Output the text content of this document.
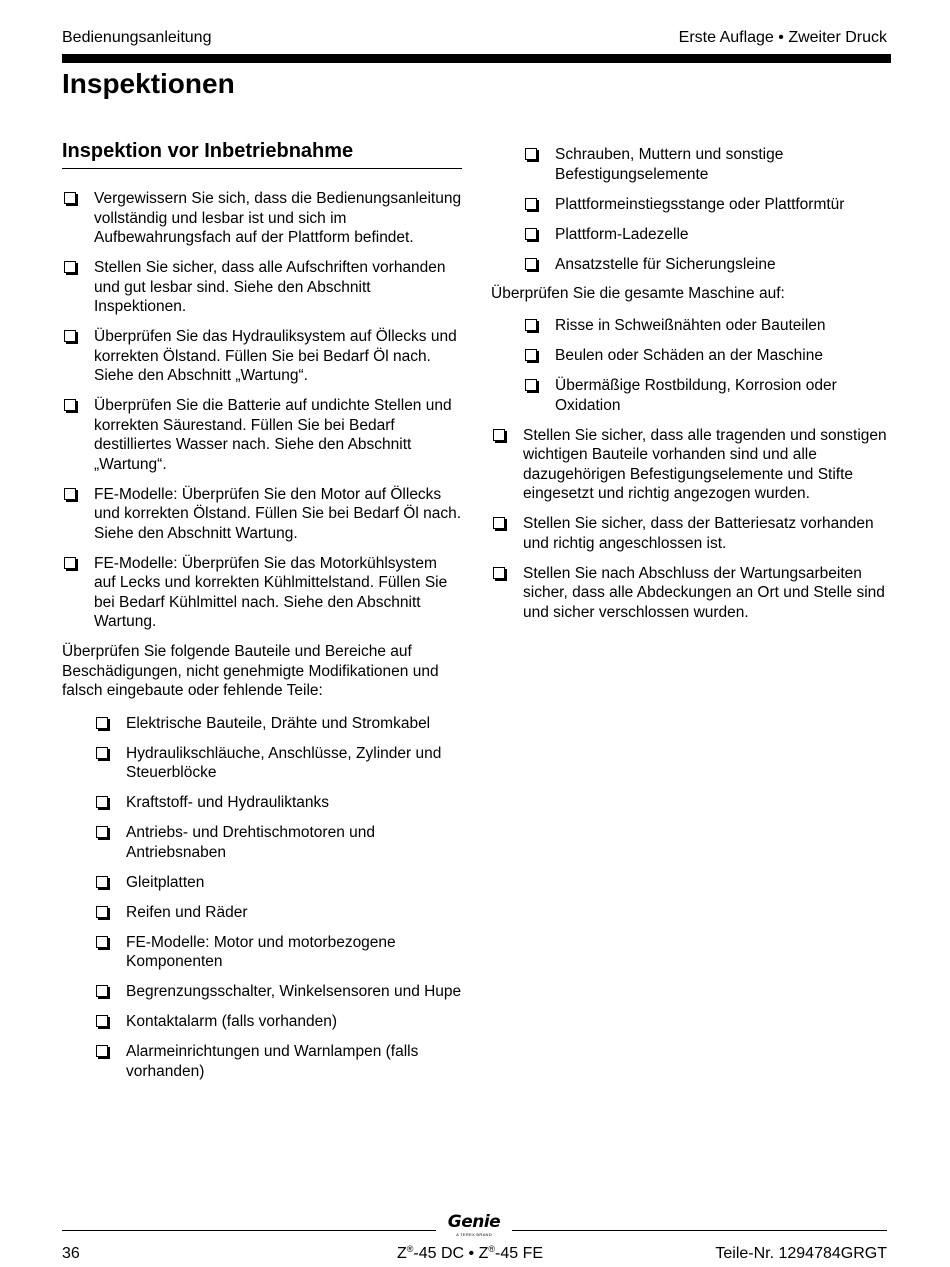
Bedienungsanleitung	Erste Auflage • Zweiter Druck
Inspektionen
Inspektion vor Inbetriebnahme
Vergewissern Sie sich, dass die Bedienungsanleitung vollständig und lesbar ist und sich im Aufbewahrungsfach auf der Plattform befindet.
Stellen Sie sicher, dass alle Aufschriften vorhanden und gut lesbar sind. Siehe den Abschnitt Inspektionen.
Überprüfen Sie das Hydrauliksystem auf Öllecks und korrekten Ölstand. Füllen Sie bei Bedarf Öl nach. Siehe den Abschnitt „Wartung“.
Überprüfen Sie die Batterie auf undichte Stellen und korrekten Säurestand. Füllen Sie bei Bedarf destilliertes Wasser nach. Siehe den Abschnitt „Wartung“.
FE-Modelle: Überprüfen Sie den Motor auf Öllecks und korrekten Ölstand. Füllen Sie bei Bedarf Öl nach. Siehe den Abschnitt Wartung.
FE-Modelle: Überprüfen Sie das Motorkühlsystem auf Lecks und korrekten Kühlmittelstand. Füllen Sie bei Bedarf Kühlmittel nach. Siehe den Abschnitt Wartung.

Überprüfen Sie folgende Bauteile und Bereiche auf Beschädigungen, nicht genehmigte Modifikationen und falsch eingebaute oder fehlende Teile:

Elektrische Bauteile, Drähte und Stromkabel
Hydraulikschläuche, Anschlüsse, Zylinder und Steuerblöcke
Kraftstoff- und Hydrauliktanks
Antriebs- und Drehtischmotoren und Antriebsnaben
Gleitplatten
Reifen und Räder
FE-Modelle: Motor und motorbezogene Komponenten
Begrenzungsschalter, Winkelsensoren und Hupe
Kontaktalarm (falls vorhanden)
Alarmeinrichtungen und Warnlampen (falls vorhanden)
Schrauben, Muttern und sonstige Befestigungselemente
Plattformeinstiegsstange oder Plattformtür
Plattform-Ladezelle
Ansatzstelle für Sicherungsleine

Überprüfen Sie die gesamte Maschine auf:

Risse in Schweißnähten oder Bauteilen
Beulen oder Schäden an der Maschine
Übermäßige Rostbildung, Korrosion oder Oxidation
Stellen Sie sicher, dass alle tragenden und sonstigen wichtigen Bauteile vorhanden sind und alle dazugehörigen Befestigungselemente und Stifte eingesetzt und richtig angezogen wurden.
Stellen Sie sicher, dass der Batteriesatz vorhanden und richtig angeschlossen ist.
Stellen Sie nach Abschluss der Wartungsarbeiten sicher, dass alle Abdeckungen an Ort und Stelle sind und sicher verschlossen wurden.
Genie
A TEREX BRAND
36	Z®-45 DC • Z®-45 FE	Teile-Nr. 1294784GRGT
